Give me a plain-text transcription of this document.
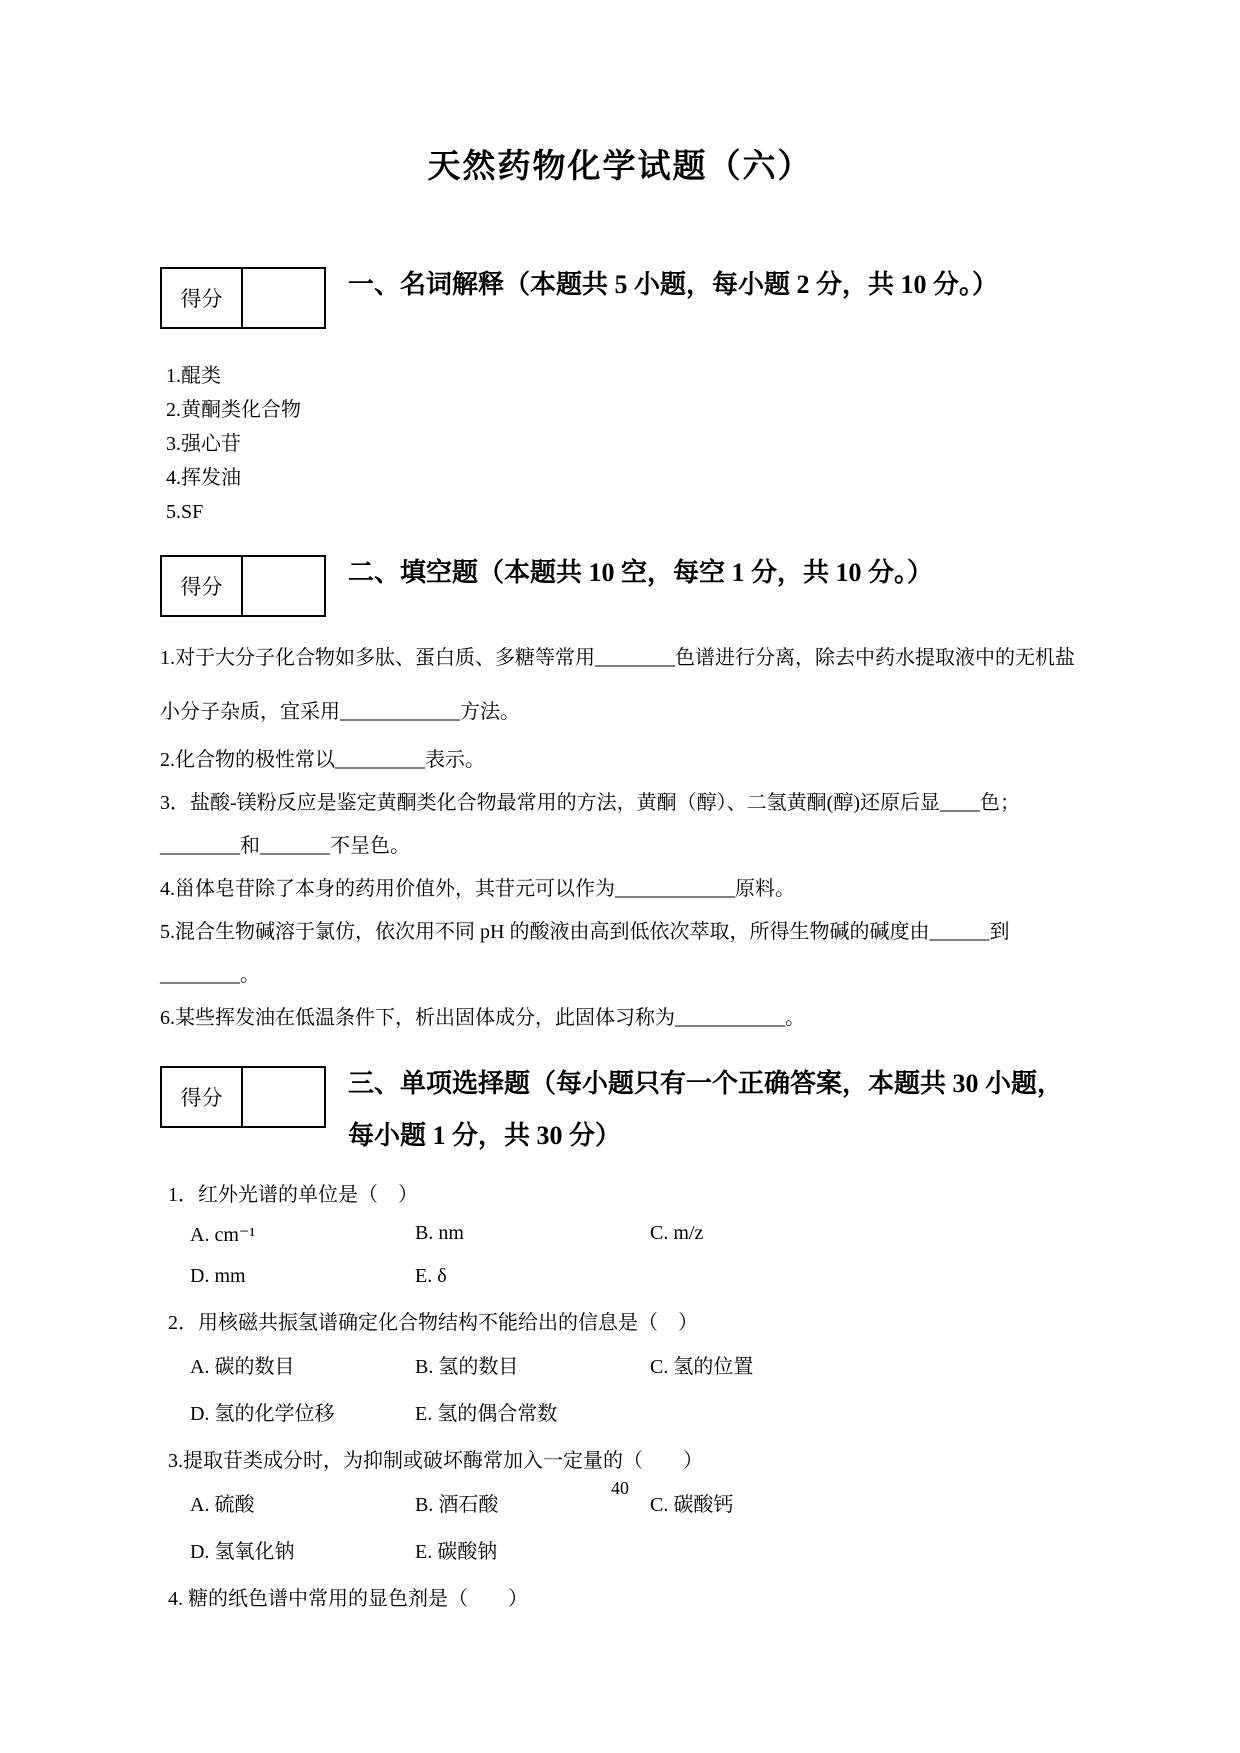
天然药物化学试题（六）
得分	一、名词解释（本题共 5 小题，每小题 2 分，共 10 分。）
1.醌类
2.黄酮类化合物
3.强心苷
4.挥发油
5.SF
得分	二、填空题（本题共 10 空，每空 1 分，共 10 分。）
1.对于大分子化合物如多肽、蛋白质、多糖等常用________色谱进行分离，除去中药水提取液中的无机盐小分子杂质，宜采用____________方法。
2.化合物的极性常以_________表示。
3．盐酸-镁粉反应是鉴定黄酮类化合物最常用的方法，黄酮（醇）、二氢黄酮(醇)还原后显____色；________和_______不呈色。
4.甾体皂苷除了本身的药用价值外，其苷元可以作为____________原料。
5.混合生物碱溶于氯仿，依次用不同 pH 的酸液由高到低依次萃取，所得生物碱的碱度由______到________。
6.某些挥发油在低温条件下，析出固体成分，此固体习称为___________。
得分	三、单项选择题（每小题只有一个正确答案，本题共 30 小题，每小题 1 分，共 30 分）
1．红外光谱的单位是（　）
A. cm⁻¹	B. nm	C. m/z
D. mm	E. δ
2．用核磁共振氢谱确定化合物结构不能给出的信息是（　）
A. 碳的数目	B. 氢的数目	C. 氢的位置
D. 氢的化学位移	E. 氢的偶合常数
3.提取苷类成分时，为抑制或破坏酶常加入一定量的（　　）
A. 硫酸	B. 酒石酸	C. 碳酸钙
D. 氢氧化钠	E. 碳酸钠
4. 糖的纸色谱中常用的显色剂是（　　）
40
